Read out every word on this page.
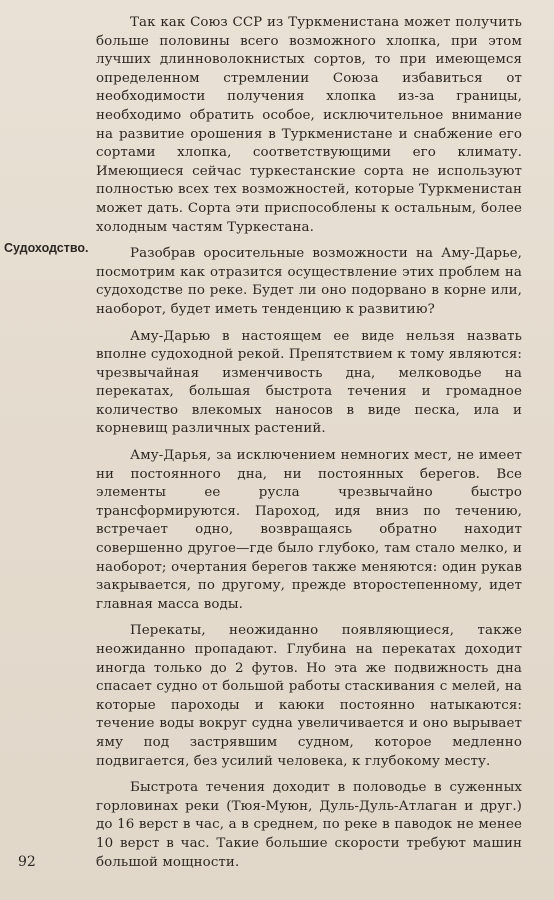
Судоходство.

Так как Союз ССР из Туркменистана может получить больше половины всего возможного хлопка, при этом лучших длинноволокнистых сортов, то при имеющемся определенном стремлении Союза избавиться от необходимости получения хлопка из-за границы, необходимо обратить особое, исключительное внимание на развитие орошения в Туркменистане и снабжение его сортами хлопка, соответствующими его климату. Имеющиеся сейчас туркестанские сорта не используют полностью всех тех возможностей, которые Туркменистан может дать. Сорта эти приспособлены к остальным, более холодным частям Туркестана.

Разобрав оросительные возможности на Аму-Дарье, посмотрим как отразится осуществление этих проблем на судоходстве по реке. Будет ли оно подорвано в корне или, наоборот, будет иметь тенденцию к развитию?

Аму-Дарью в настоящем ее виде нельзя назвать вполне судоходной рекой. Препятствием к тому являются: чрезвычайная изменчивость дна, мелководье на перекатах, большая быстрота течения и громадное количество влекомых наносов в виде песка, ила и корневищ различных растений.

Аму-Дарья, за исключением немногих мест, не имеет ни постоянного дна, ни постоянных берегов. Все элементы ее русла чрезвычайно быстро трансформируются. Пароход, идя вниз по течению, встречает одно, возвращаясь обратно находит совершенно другое—где было глубоко, там стало мелко, и наоборот; очертания берегов также меняются: один рукав закрывается, по другому, прежде второстепенному, идет главная масса воды.

Перекаты, неожиданно появляющиеся, также неожиданно пропадают. Глубина на перекатах доходит иногда только до 2 футов. Но эта же подвижность дна спасает судно от большой работы стаскивания с мелей, на которые пароходы и каюки постоянно натыкаются: течение воды вокруг судна увеличивается и оно вырывает яму под застрявшим судном, которое медленно подвигается, без усилий человека, к глубокому месту.

Быстрота течения доходит в половодье в суженных горловинах реки (Тюя-Муюн, Дуль-Дуль-Атлаган и друг.) до 16 верст в час, а в среднем, по реке в паводок не менее 10 верст в час. Такие большие скорости требуют машин большой мощности.

92
